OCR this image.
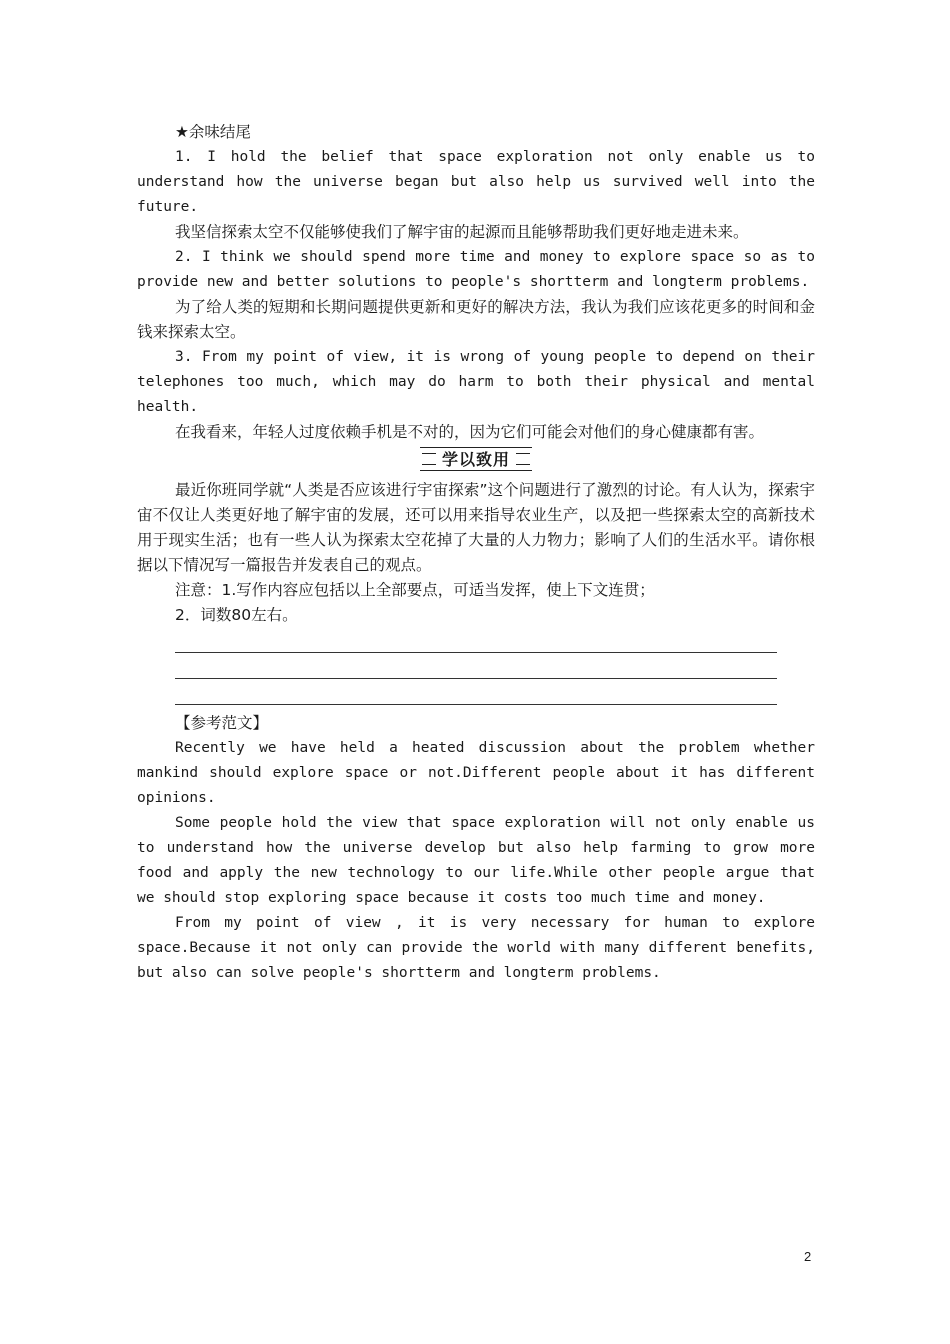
★余味结尾

1. I hold the belief that space exploration not only enable us to understand how the universe began but also help us survived well into the future.

我坚信探索太空不仅能够使我们了解宇宙的起源而且能够帮助我们更好地走进未来。

2. I think we should spend more time and money to explore space so as to provide new and better solutions to people's shortterm and longterm problems.

为了给人类的短期和长期问题提供更新和更好的解决方法，我认为我们应该花更多的时间和金钱来探索太空。

3. From my point of view, it is wrong of young people to depend on their telephones too much, which may do harm to both their physical and mental health.

在我看来，年轻人过度依赖手机是不对的，因为它们可能会对他们的身心健康都有害。

学以致用

最近你班同学就“人类是否应该进行宇宙探索”这个问题进行了激烈的讨论。有人认为，探索宇宙不仅让人类更好地了解宇宙的发展，还可以用来指导农业生产，以及把一些探索太空的高新技术用于现实生活；也有一些人认为探索太空花掉了大量的人力物力；影响了人们的生活水平。请你根据以下情况写一篇报告并发表自己的观点。

注意：1.写作内容应包括以上全部要点，可适当发挥，使上下文连贯；

2．词数80左右。

【参考范文】

Recently we have held a heated discussion about the problem whether mankind should explore space or not.Different people about it has different opinions.

Some people hold the view that space exploration will not only enable us to understand how the universe develop but also help farming to grow more food and apply the new technology to our life.While other people argue that we should stop exploring space because it costs too much time and money.

From my point of view , it is very necessary for human to explore space.Because it not only can provide the world with many different benefits, but also can solve people's shortterm and longterm problems.

2
